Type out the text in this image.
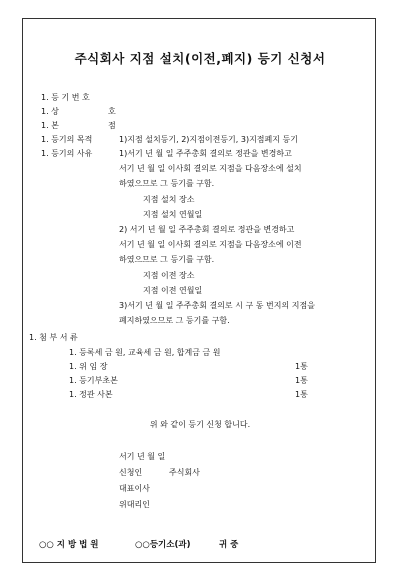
주식회사 지점 설치(이전,폐지) 등기 신청서
1. 등 기 번 호
1. 상	호
1. 본	점
1. 등기의 목적	1)지점 설치등기, 2)지점이전등기, 3)지점폐지 등기
1. 등기의 사유	1)서기 년 월 일 주주총회 결의로 정관을 변경하고
서기 년 월 일 이사회 결의로 지점을 다음장소에 설치
하였으므로 그 등기를 구함.
지점 설치 장소
지점 설치 연월일
2) 서기 년 월 일 주주총회 결의로 정관을 변경하고
서기 년 월 일 이사회 결의로 지점을 다음장소에 이전
하였으므로 그 등기를 구함.
지점 이전 장소
지점 이전 연월일
3)서기 년 월 일 주주총회 결의로 시 구 동 번지의 지점을
폐지하였으므로 그 등기를 구함.
1. 첨 부 서 류
1. 등록세 금 원, 교육세 금 원, 합계금 금 원
1. 위 임 장	1통
1. 등기부초본	1통
1. 정관 사본	1통
위 와 같이 등기 신청 합니다.
서기 년 월 일
신청인	주식회사
대표이사
위대리인
○○ 지 방 법 원	○○등기소(과)	귀 중
